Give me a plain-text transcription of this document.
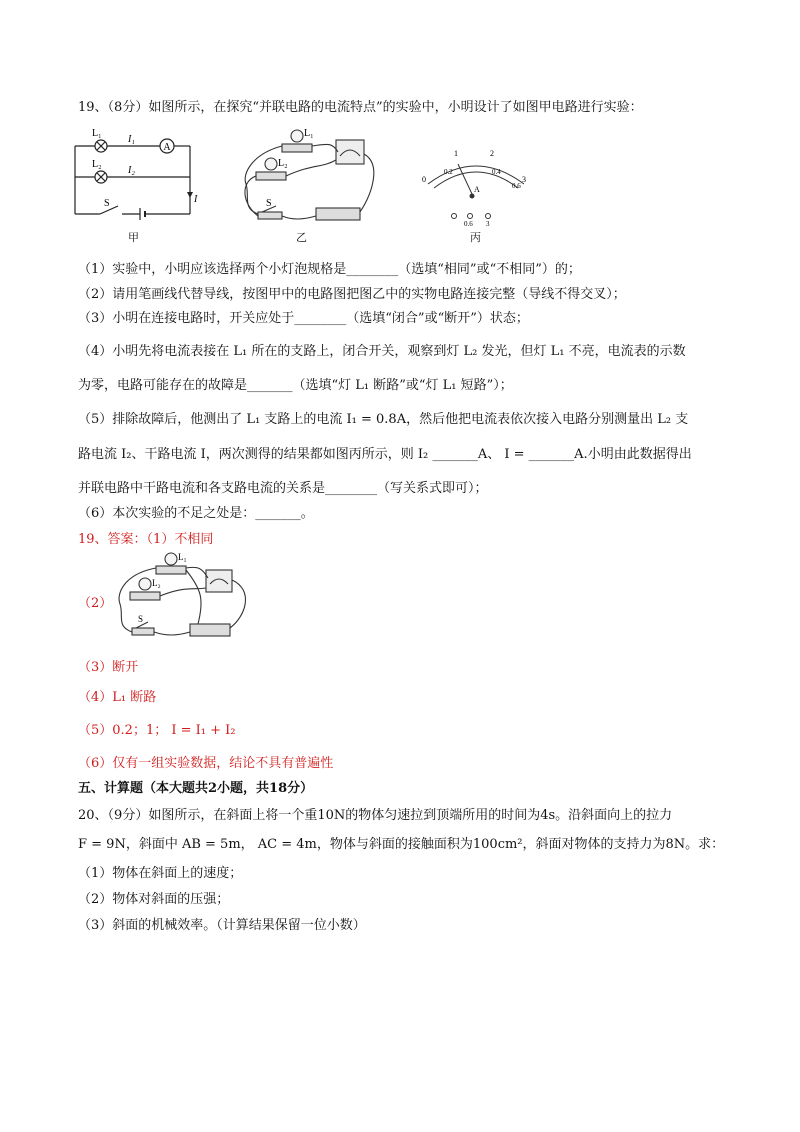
19、（8分）如图所示，在探究“并联电路的电流特点”的实验中，小明设计了如图甲电路进行实验：
A
L₁
L₂
I₁
I₂
I
S
甲
L₁
L₂
S
乙
0
1	2
3
0.2	0.4
0.6
A
0.6 3
丙
（1）实验中，小明应该选择两个小灯泡规格是________（选填“相同”或“不相同”）的；
（2）请用笔画线代替导线，按图甲中的电路图把图乙中的实物电路连接完整（导线不得交叉）；
（3）小明在连接电路时，开关应处于________（选填“闭合”或“断开”）状态；
（4）小明先将电流表接在 L₁ 所在的支路上，闭合开关，观察到灯 L₂ 发光，但灯 L₁ 不亮，电流表的示数
为零，电路可能存在的故障是_______（选填“灯 L₁ 断路”或“灯 L₁ 短路”）；
（5）排除故障后，他测出了 L₁ 支路上的电流 I₁ = 0.8A，然后他把电流表依次接入电路分别测量出 L₂ 支
路电流 I₂、干路电流 I，两次测得的结果都如图丙所示，则 I₂ _______A、 I = _______A.小明由此数据得出
并联电路中干路电流和各支路电流的关系是________（写关系式即可）；
（6）本次实验的不足之处是：_______。
19、答案：（1）不相同
（2）
L₁
L₂
S
（3）断开
（4）L₁ 断路
（5）0.2；1； I = I₁ + I₂
（6）仅有一组实验数据，结论不具有普遍性
五、计算题（本大题共2小题，共18分）
20、（9分）如图所示，在斜面上将一个重10N的物体匀速拉到顶端所用的时间为4s。沿斜面向上的拉力
F = 9N，斜面中 AB = 5m， AC = 4m，物体与斜面的接触面积为100cm²，斜面对物体的支持力为8N。求：
（1）物体在斜面上的速度；
（2）物体对斜面的压强；
（3）斜面的机械效率。（计算结果保留一位小数）
